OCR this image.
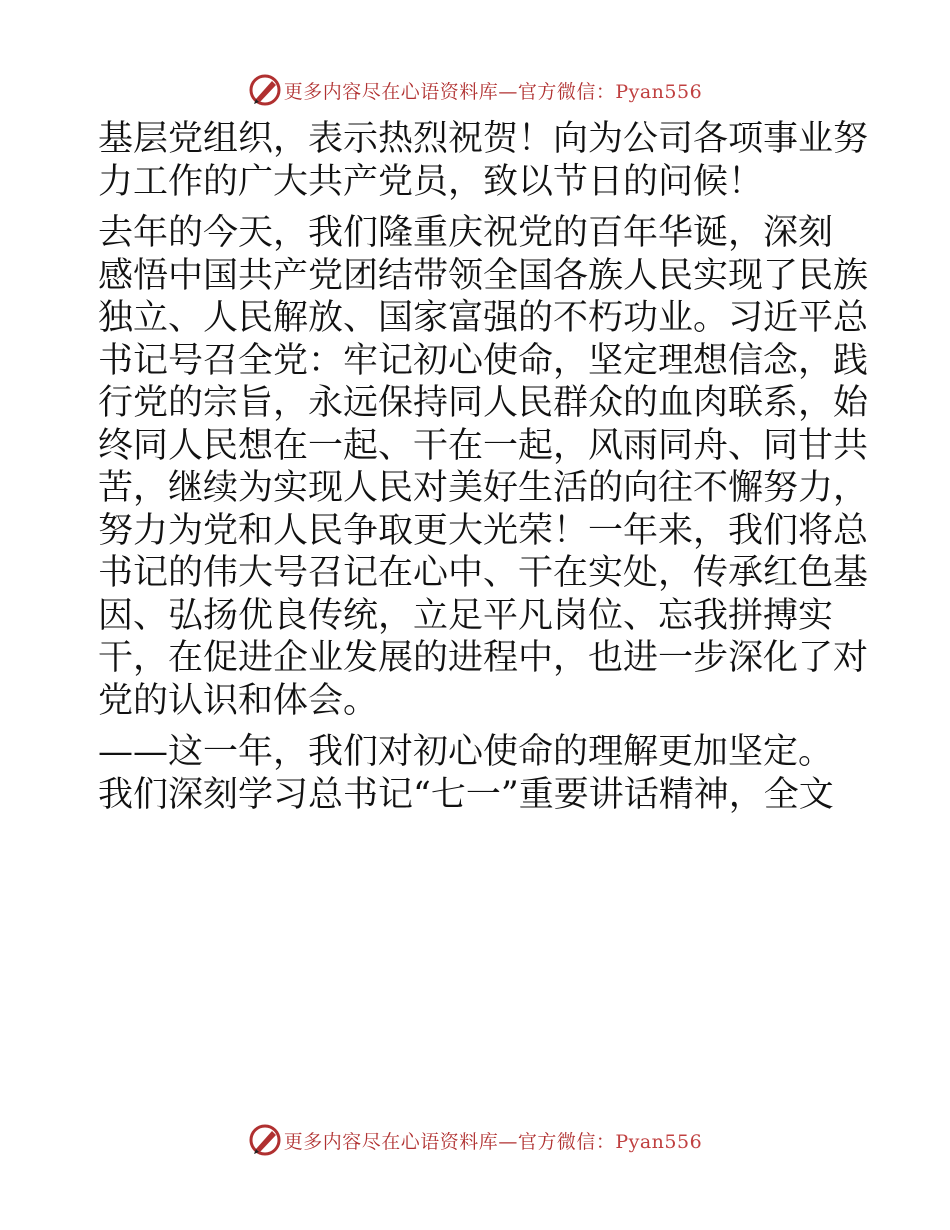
更多内容尽在心语资料库—官方微信：Pyan556
基层党组织，表示热烈祝贺！向为公司各项事业努
力工作的广大共产党员，致以节日的问候！
去年的今天，我们隆重庆祝党的百年华诞，深刻
感悟中国共产党团结带领全国各族人民实现了民族
独立、人民解放、国家富强的不朽功业。习近平总
书记号召全党：牢记初心使命，坚定理想信念，践
行党的宗旨，永远保持同人民群众的血肉联系，始
终同人民想在一起、干在一起，风雨同舟、同甘共
苦，继续为实现人民对美好生活的向往不懈努力，
努力为党和人民争取更大光荣！一年来，我们将总
书记的伟大号召记在心中、干在实处，传承红色基
因、弘扬优良传统，立足平凡岗位、忘我拼搏实
干，在促进企业发展的进程中，也进一步深化了对
党的认识和体会。
——这一年，我们对初心使命的理解更加坚定。
我们深刻学习总书记“七一”重要讲话精神，全文
更多内容尽在心语资料库—官方微信：Pyan556
